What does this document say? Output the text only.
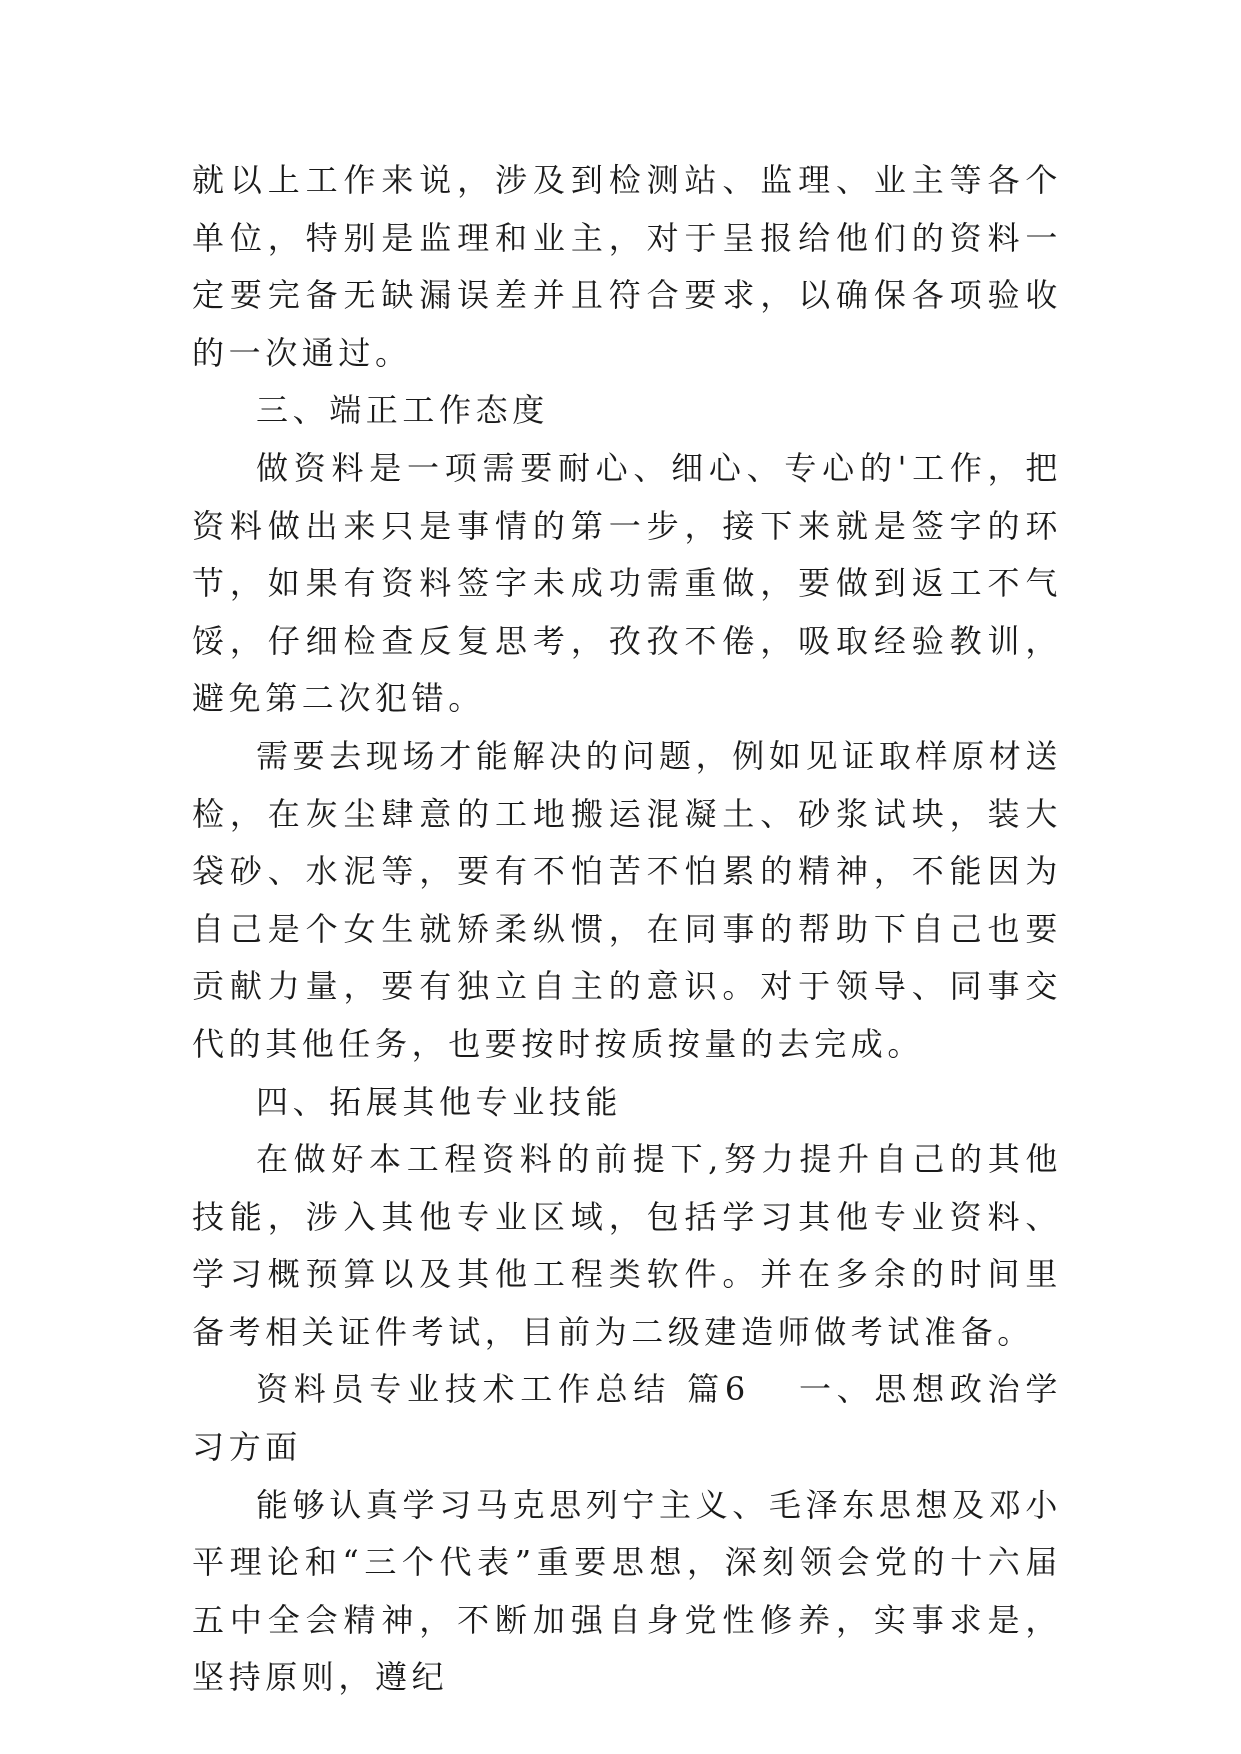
就以上工作来说，涉及到检测站、监理、业主等各个单位，特别是监理和业主，对于呈报给他们的资料一定要完备无缺漏误差并且符合要求，以确保各项验收的一次通过。

三、端正工作态度

做资料是一项需要耐心、细心、专心的'工作，把资料做出来只是事情的第一步，接下来就是签字的环节，如果有资料签字未成功需重做，要做到返工不气馁，仔细检查反复思考，孜孜不倦，吸取经验教训，避免第二次犯错。

需要去现场才能解决的问题，例如见证取样原材送检，在灰尘肆意的工地搬运混凝土、砂浆试块，装大袋砂、水泥等，要有不怕苦不怕累的精神，不能因为自己是个女生就矫柔纵惯，在同事的帮助下自己也要贡献力量，要有独立自主的意识。对于领导、同事交代的其他任务，也要按时按质按量的去完成。

四、拓展其他专业技能

在做好本工程资料的前提下,努力提升自己的其他技能，涉入其他专业区域，包括学习其他专业资料、学习概预算以及其他工程类软件。并在多余的时间里备考相关证件考试，目前为二级建造师做考试准备。

资料员专业技术工作总结 篇6 一、思想政治学习方面

能够认真学习马克思列宁主义、毛泽东思想及邓小平理论和“三个代表”重要思想，深刻领会党的十六届五中全会精神，不断加强自身党性修养，实事求是，坚持原则，遵纪
